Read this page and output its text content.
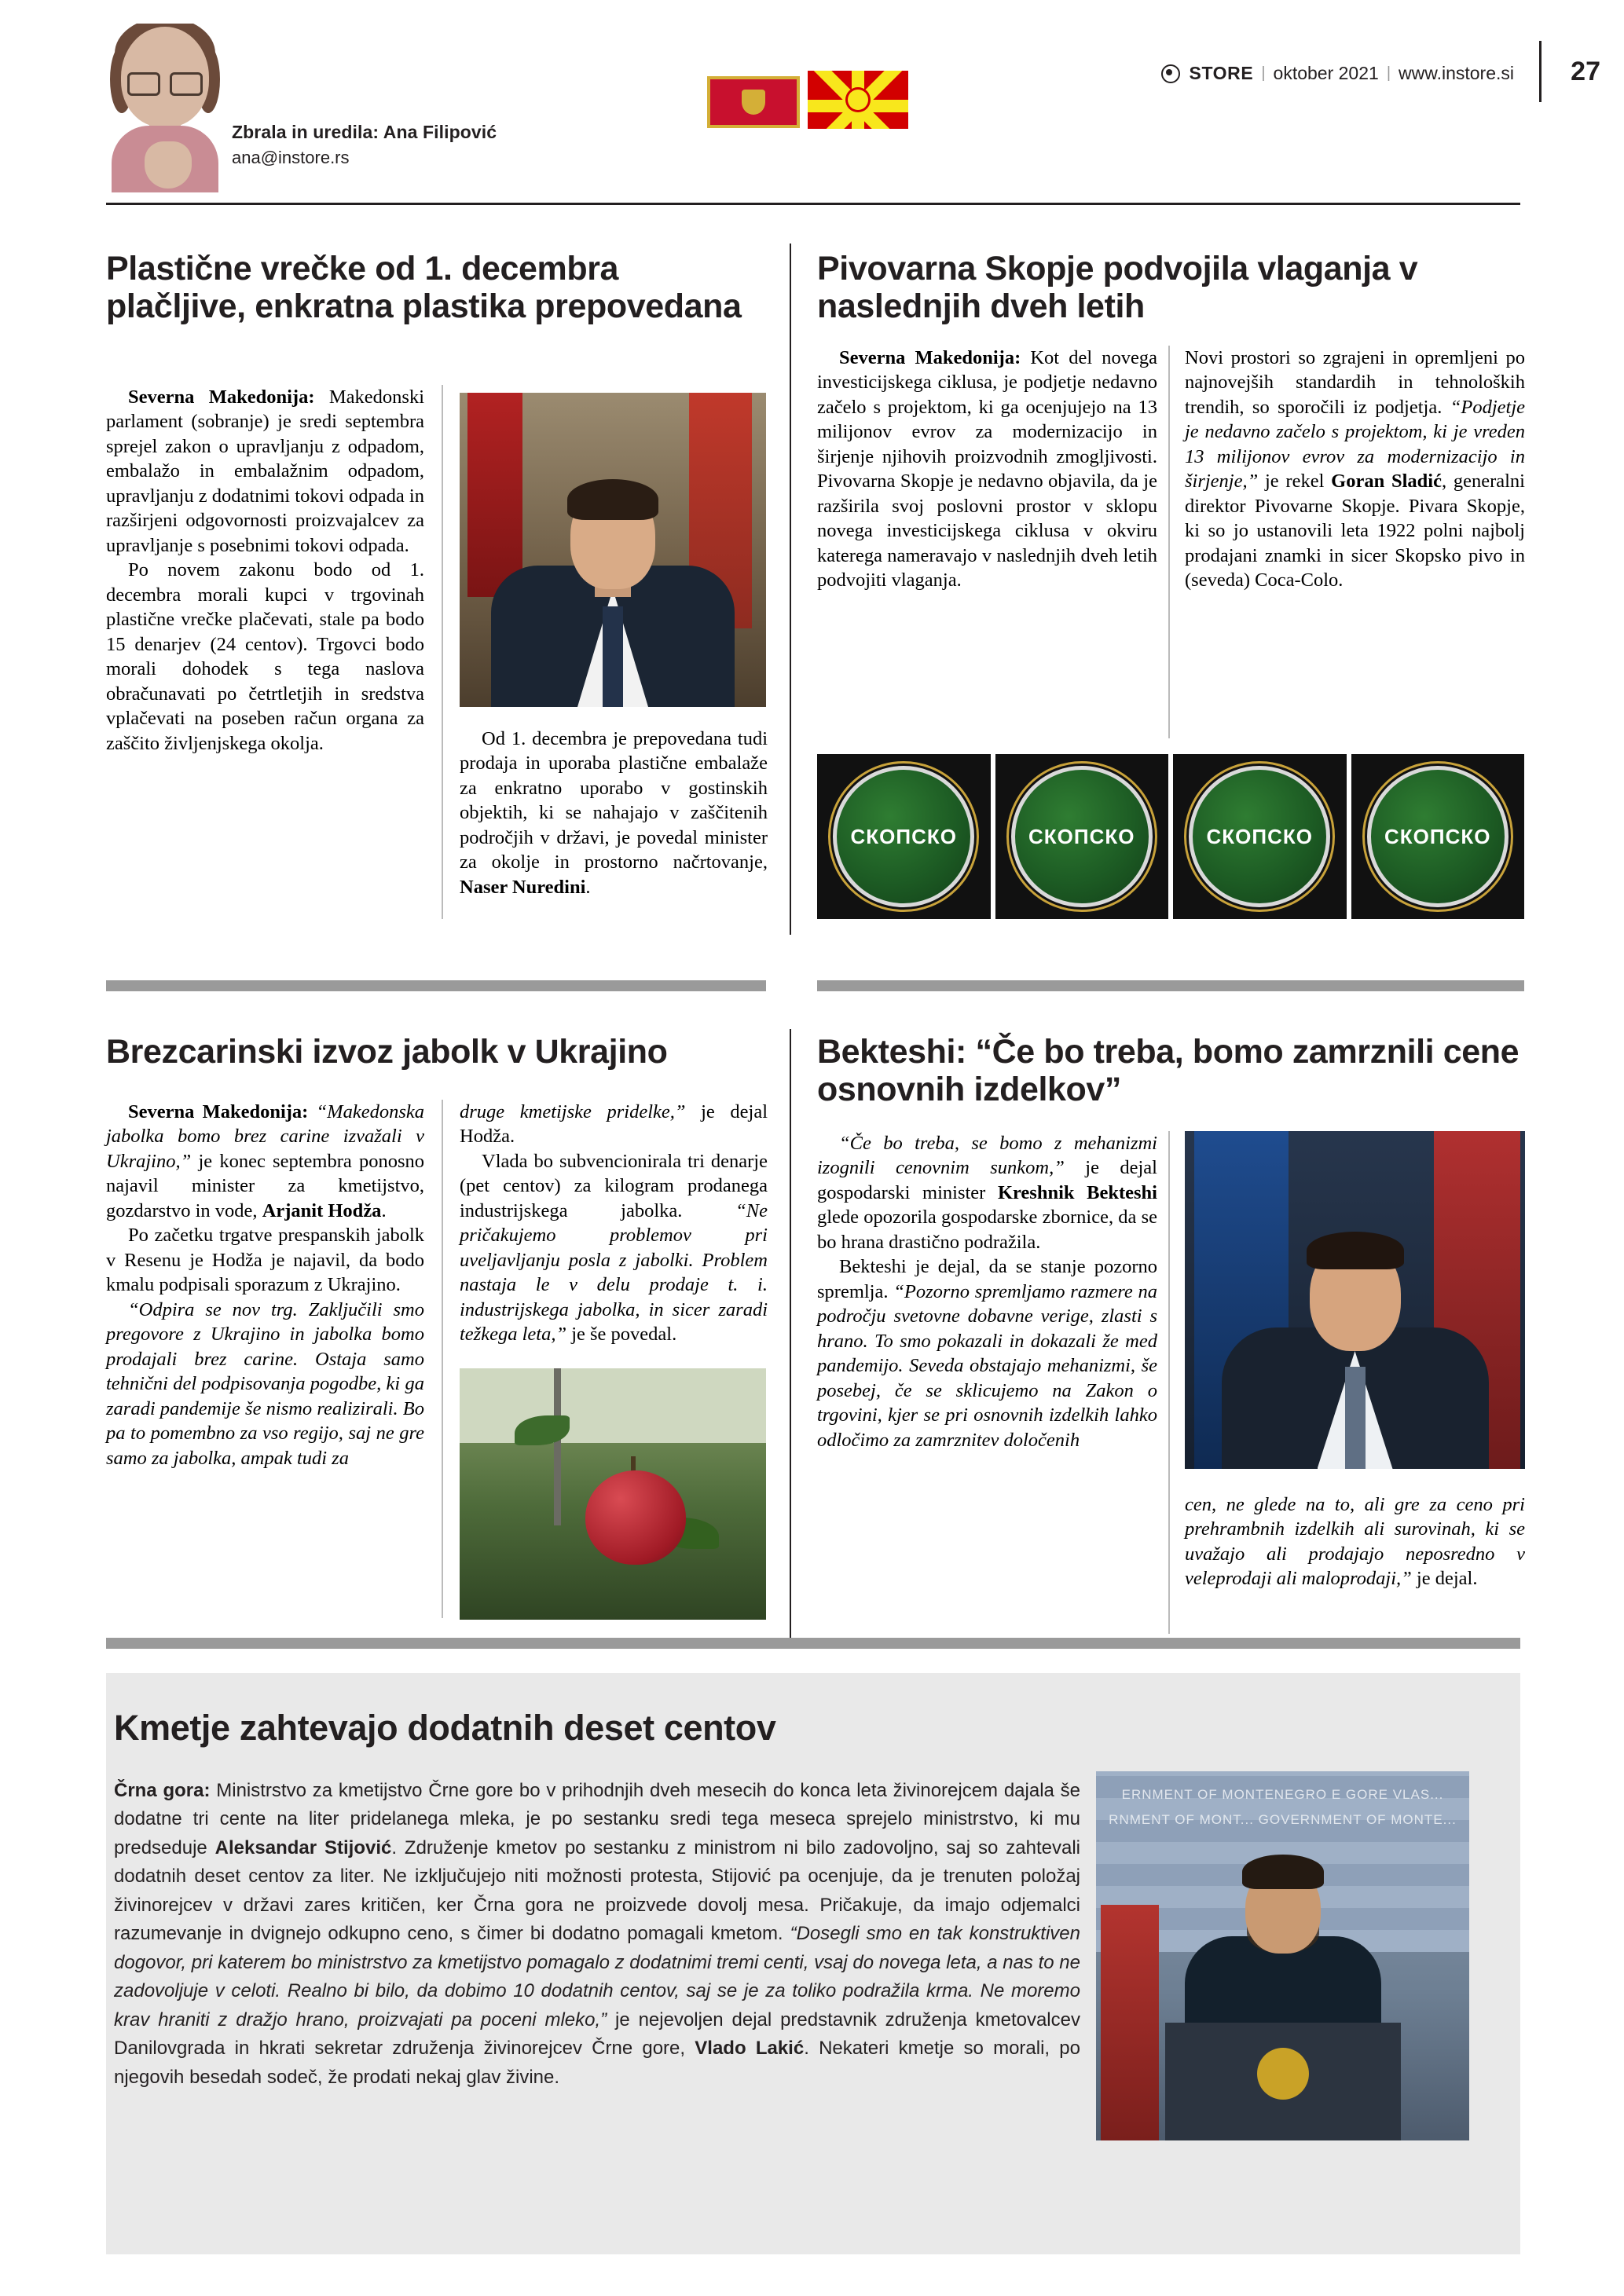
Zbrala in uredila: Ana Filipović
ana@instore.rs
STORE | oktober 2021 | www.instore.si 27
Plastične vrečke od 1. decembra plačljive, enkratna plastika prepovedana

Severna Makedonija: Makedonski parlament (sobranje) je sredi septembra sprejel zakon o upravljanju z odpadom, embalažo in embalažnim odpadom, upravljanju z dodatnimi tokovi odpada in razširjeni odgovornosti proizvajalcev za upravljanje s posebnimi tokovi odpada.

Po novem zakonu bodo od 1. decembra morali kupci v trgovinah plastične vrečke plačevati, stale pa bodo 15 denarjev (24 centov). Trgovci bodo morali dohodek s tega naslova obračunavati po četrtletjih in sredstva vplačevati na poseben račun organa za zaščito življenjskega okolja.	Od 1. decembra je prepovedana tudi prodaja in uporaba plastične embalaže za enkratno uporabo v gostinskih objektih, ki se nahajajo v zaščitenih področjih v državi, je povedal minister za okolje in prostorno načrtovanje, Naser Nuredini.

Pivovarna Skopje podvojila vlaganja v naslednjih dveh letih

Severna Makedonija: Kot del novega investicijskega ciklusa, je podjetje nedavno začelo s projektom, ki ga ocenjujejo na 13 milijonov evrov za modernizacijo in širjenje njihovih proizvodnih zmogljivosti. Pivovarna Skopje je nedavno objavila, da je razširila svoj poslovni prostor v sklopu novega investicijskega ciklusa v okviru katerega nameravajo v naslednjih dveh letih podvojiti vlaganja.

Novi prostori so zgrajeni in opremljeni po najnovejših standardih in tehnoloških trendih, so sporočili iz podjetja. “Podjetje je nedavno začelo s projektom, ki je vreden 13 milijonov evrov za modernizacijo in širjenje,” je rekel Goran Sladić, generalni direktor Pivovarne Skopje. Pivara Skopje, ki so jo ustanovili leta 1922 polni najbolj prodajani znamki in sicer Skopsko pivo in (seveda) Coca-Colo.

СКОПСКО	СКОПСКО	СКОПСКО	СКОПСКО
Brezcarinski izvoz jabolk v Ukrajino

Severna Makedonija: “Makedonska jabolka bomo brez carine izvažali v Ukrajino,” je konec septembra ponosno najavil minister za kmetijstvo, gozdarstvo in vode, Arjanit Hodža.

Po začetku trgatve prespanskih jabolk v Resenu je Hodža je najavil, da bodo kmalu podpisali sporazum z Ukrajino.

“Odpira se nov trg. Zaključili smo pregovore z Ukrajino in jabolka bomo prodajali brez carine. Ostaja samo tehnični del podpisovanja pogodbe, ki ga zaradi pandemije še nismo realizirali. Bo pa to pomembno za vso regijo, saj ne gre samo za jabolka, ampak tudi za

druge kmetijske pridelke,” je dejal Hodža.

Vlada bo subvencionirala tri denarje (pet centov) za kilogram prodanega industrijskega jabolka. “Ne pričakujemo problemov pri uveljavljanju posla z jabolki. Problem nastaja le v delu prodaje t. i. industrijskega jabolka, in sicer zaradi težkega leta,” je še povedal.

Bekteshi: “Če bo treba, bomo zamrznili cene osnovnih izdelkov”

“Če bo treba, se bomo z mehanizmi izognili cenovnim sunkom,” je dejal gospodarski minister Kreshnik Bekteshi glede opozorila gospodarske zbornice, da se bo hrana drastično podražila.

Bekteshi je dejal, da se stanje pozorno spremlja. “Pozorno spremljamo razmere na področju svetovne dobavne verige, zlasti s hrano. To smo pokazali in dokazali že med pandemijo. Seveda obstajajo mehanizmi, še posebej, če se sklicujemo na Zakon o trgovini, kjer se pri osnovnih izdelkih lahko odločimo za zamrznitev določenih

cen, ne glede na to, ali gre za ceno pri prehrambnih izdelkih ali surovinah, ki se uvažajo ali prodajajo neposredno v veleprodaji ali maloprodaji,” je dejal.

Kmetje zahtevajo dodatnih deset centov

Črna gora: Ministrstvo za kmetijstvo Črne gore bo v prihodnjih dveh mesecih do konca leta živinorejcem dajala še dodatne tri cente na liter pridelanega mleka, je po sestanku sredi tega meseca sprejelo ministrstvo, ki mu predseduje Aleksandar Stijović. Združenje kmetov po sestanku z ministrom ni bilo zadovoljno, saj so zahtevali dodatnih deset centov za liter. Ne izključujejo niti možnosti protesta, Stijović pa ocenjuje, da je trenuten položaj živinorejcev v državi zares kritičen, ker Črna gora ne proizvede dovolj mesa. Pričakuje, da imajo odjemalci razumevanje in dvignejo odkupno ceno, s čimer bi dodatno pomagali kmetom. “Dosegli smo en tak konstruktiven dogovor, pri katerem bo ministrstvo za kmetijstvo pomagalo z dodatnimi tremi centi, vsaj do novega leta, a nas to ne zadovoljuje v celoti. Realno bi bilo, da dobimo 10 dodatnih centov, saj se je za toliko podražila krma. Ne moremo krav hraniti z dražjo hrano, proizvajati pa poceni mleko,” je nejevoljen dejal predstavnik združenja kmetovalcev Danilovgrada in hkrati sekretar združenja živinorejcev Črne gore, Vlado Lakić. Nekateri kmetje so morali, po njegovih besedah sodeč, že prodati nekaj glav živine.

ERNMENT OF MONTENEGRO E GORE VLAS... RNMENT OF MONT... GOVERNMENT OF MONTE...
